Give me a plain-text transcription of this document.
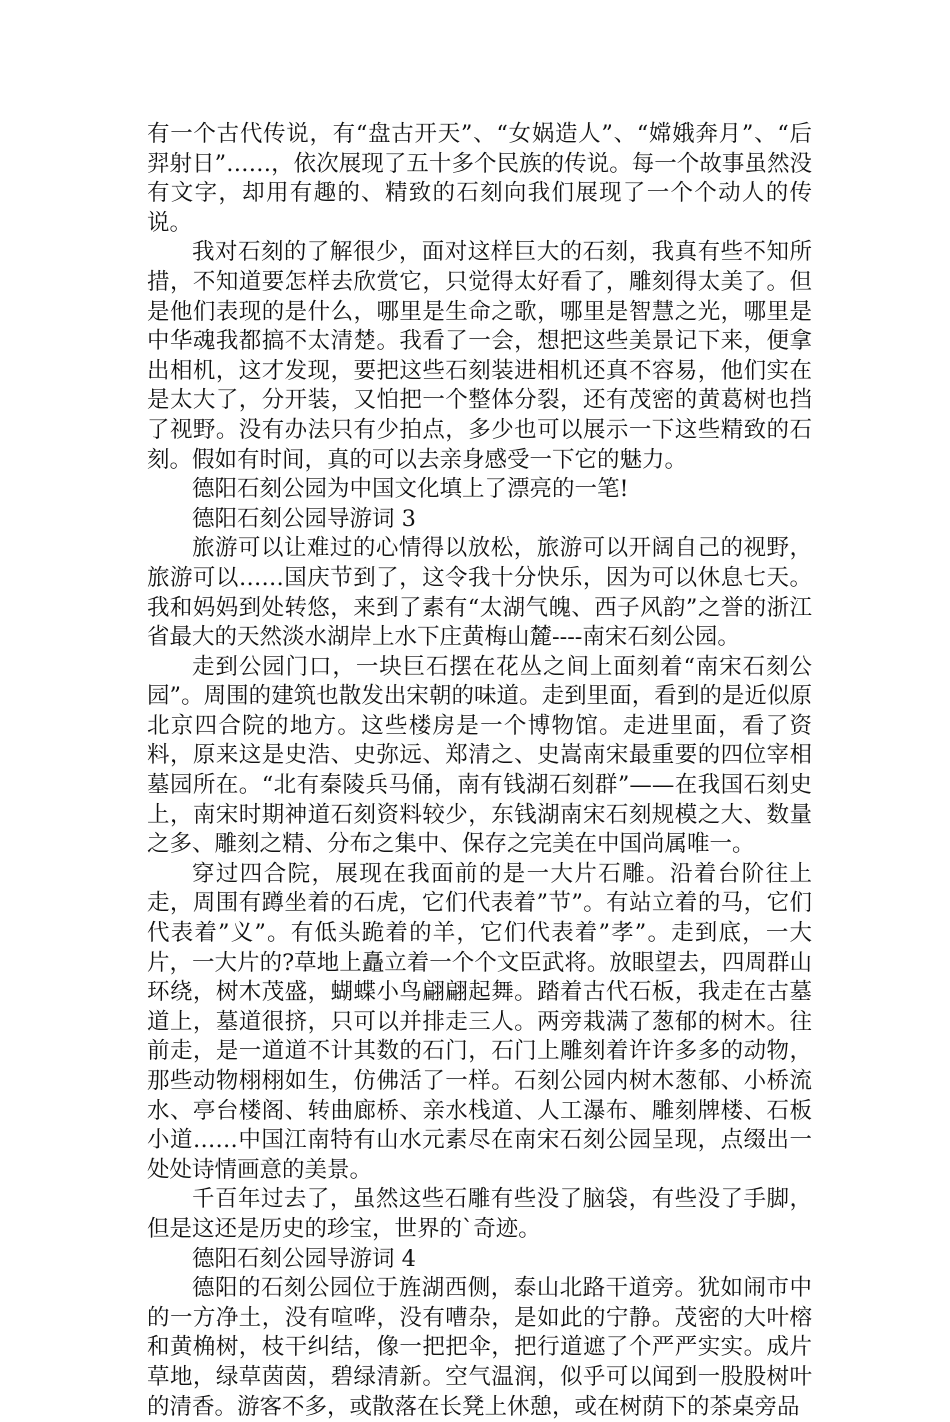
有一个古代传说，有“盘古开天”、“女娲造人”、“嫦娥奔月”、“后羿射日”……，依次展现了五十多个民族的传说。每一个故事虽然没有文字，却用有趣的、精致的石刻向我们展现了一个个动人的传说。

我对石刻的了解很少，面对这样巨大的石刻，我真有些不知所措，不知道要怎样去欣赏它，只觉得太好看了，雕刻得太美了。但是他们表现的是什么，哪里是生命之歌，哪里是智慧之光，哪里是中华魂我都搞不太清楚。我看了一会，想把这些美景记下来，便拿出相机，这才发现，要把这些石刻装进相机还真不容易，他们实在是太大了，分开装，又怕把一个整体分裂，还有茂密的黄葛树也挡了视野。没有办法只有少拍点，多少也可以展示一下这些精致的石刻。假如有时间，真的可以去亲身感受一下它的魅力。

德阳石刻公园为中国文化填上了漂亮的一笔!

德阳石刻公园导游词 3

旅游可以让难过的心情得以放松，旅游可以开阔自己的视野，旅游可以……国庆节到了，这令我十分快乐，因为可以休息七天。我和妈妈到处转悠，来到了素有“太湖气魄、西子风韵”之誉的浙江省最大的天然淡水湖岸上水下庄黄梅山麓----南宋石刻公园。

走到公园门口，一块巨石摆在花丛之间上面刻着“南宋石刻公园”。周围的建筑也散发出宋朝的味道。走到里面，看到的是近似原北京四合院的地方。这些楼房是一个博物馆。走进里面，看了资料，原来这是史浩、史弥远、郑清之、史嵩南宋最重要的四位宰相墓园所在。“北有秦陵兵马俑，南有钱湖石刻群”——在我国石刻史上，南宋时期神道石刻资料较少，东钱湖南宋石刻规模之大、数量之多、雕刻之精、分布之集中、保存之完美在中国尚属唯一。

穿过四合院，展现在我面前的是一大片石雕。沿着台阶往上走，周围有蹲坐着的石虎，它们代表着”节”。有站立着的马，它们代表着”义”。有低头跪着的羊，它们代表着”孝”。走到底，一大片，一大片的?草地上矗立着一个个文臣武将。放眼望去，四周群山环绕，树木茂盛，蝴蝶小鸟翩翩起舞。踏着古代石板，我走在古墓道上，墓道很挤，只可以并排走三人。两旁栽满了葱郁的树木。往前走，是一道道不计其数的石门，石门上雕刻着许许多多的动物，那些动物栩栩如生，仿佛活了一样。石刻公园内树木葱郁、小桥流水、亭台楼阁、转曲廊桥、亲水栈道、人工瀑布、雕刻牌楼、石板小道……中国江南特有山水元素尽在南宋石刻公园呈现，点缀出一处处诗情画意的美景。

千百年过去了，虽然这些石雕有些没了脑袋，有些没了手脚，但是这还是历史的珍宝，世界的`奇迹。

德阳石刻公园导游词 4

德阳的石刻公园位于旌湖西侧，泰山北路干道旁。犹如闹市中的一方净土，没有喧哗，没有嘈杂，是如此的宁静。茂密的大叶榕和黄桷树，枝干纠结，像一把把伞，把行道遮了个严严实实。成片草地，绿草茵茵，碧绿清新。空气温润，似乎可以闻到一股股树叶的清香。游客不多，或散落在长凳上休憩，或在树荫下的茶桌旁品
